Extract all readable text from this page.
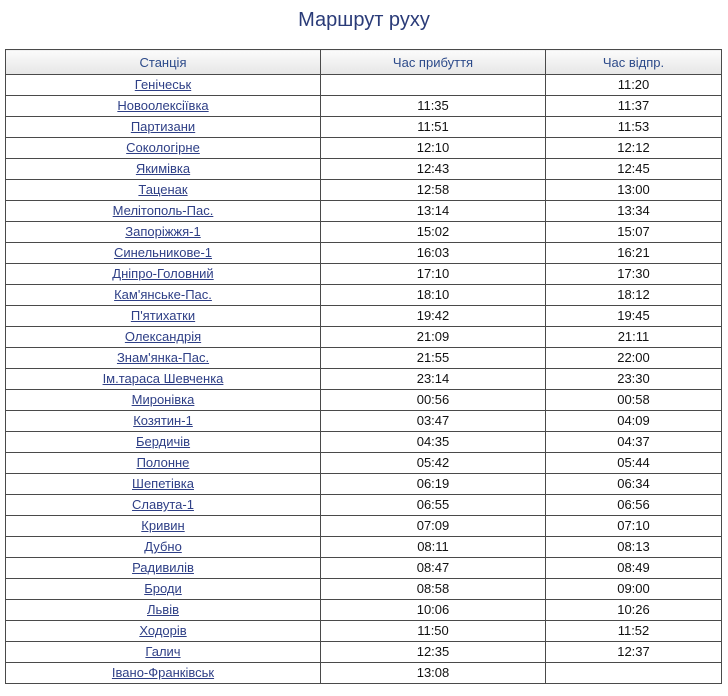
Маршрут руху
Станція	Час прибуття	Час відпр.
Генічеськ		11:20
Новоолексіївка	11:35	11:37
Партизани	11:51	11:53
Сокологірне	12:10	12:12
Якимівка	12:43	12:45
Таценак	12:58	13:00
Мелітополь-Пас.	13:14	13:34
Запоріжжя-1	15:02	15:07
Синельникове-1	16:03	16:21
Дніпро-Головний	17:10	17:30
Кам'янське-Пас.	18:10	18:12
П'ятихатки	19:42	19:45
Олександрія	21:09	21:11
Знам'янка-Пас.	21:55	22:00
Ім.тараса Шевченка	23:14	23:30
Миронівка	00:56	00:58
Козятин-1	03:47	04:09
Бердичів	04:35	04:37
Полонне	05:42	05:44
Шепетівка	06:19	06:34
Славута-1	06:55	06:56
Кривин	07:09	07:10
Дубно	08:11	08:13
Радивилів	08:47	08:49
Броди	08:58	09:00
Львів	10:06	10:26
Ходорів	11:50	11:52
Галич	12:35	12:37
Івано-Франківськ	13:08	
